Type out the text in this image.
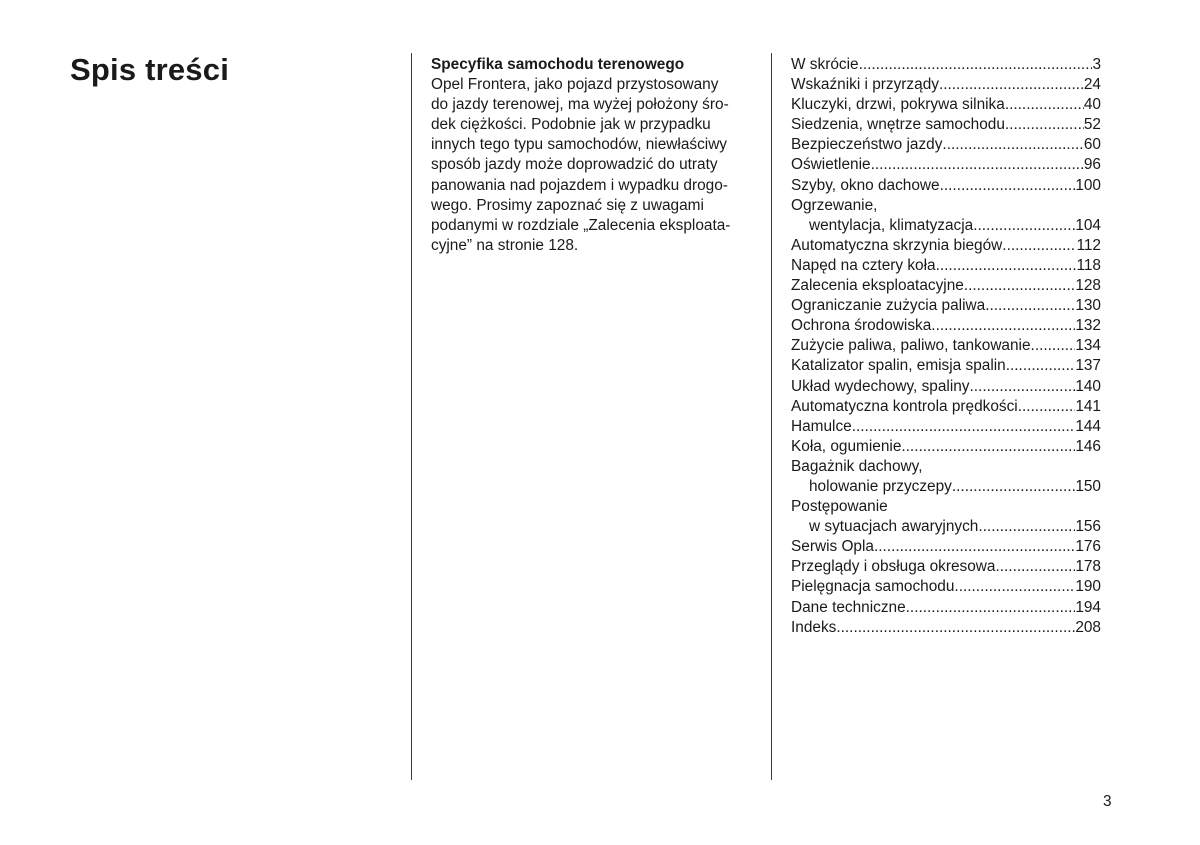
Spis treści	Specyfika samochodu terenowego
Opel Frontera, jako pojazd przystosowany
do jazdy terenowej, ma wyżej położony śro-
dek ciężkości. Podobnie jak w przypadku
innych tego typu samochodów, niewłaściwy
sposób jazdy może doprowadzić do utraty
panowania nad pojazdem i wypadku drogo-
wego. Prosimy zapoznać się z uwagami
podanymi w rozdziale „Zalecenia eksploata-
cyjne” na stronie 128.
W skrócie .....	3
Wskaźniki i przyrządy .....	24
Kluczyki, drzwi, pokrywa silnika .....	40
Siedzenia, wnętrze samochodu .....	52
Bezpieczeństwo jazdy .....	60
Oświetlenie .....	96
Szyby, okno dachowe .....	100
Ogrzewanie,
wentylacja, klimatyzacja .....	104
Automatyczna skrzynia biegów .....	112
Napęd na cztery koła .....	118
Zalecenia eksploatacyjne .....	128
Ograniczanie zużycia paliwa .....	130
Ochrona środowiska .....	132
Zużycie paliwa, paliwo, tankowanie .....	134
Katalizator spalin, emisja spalin .....	137
Układ wydechowy, spaliny .....	140
Automatyczna kontrola prędkości .....	141
Hamulce .....	144
Koła, ogumienie .....	146
Bagażnik dachowy,
holowanie przyczepy .....	150
Postępowanie
w sytuacjach awaryjnych .....	156
Serwis Opla .....	176
Przeglądy i obsługa okresowa .....	178
Pielęgnacja samochodu .....	190
Dane techniczne .....	194
Indeks .....	208
3
